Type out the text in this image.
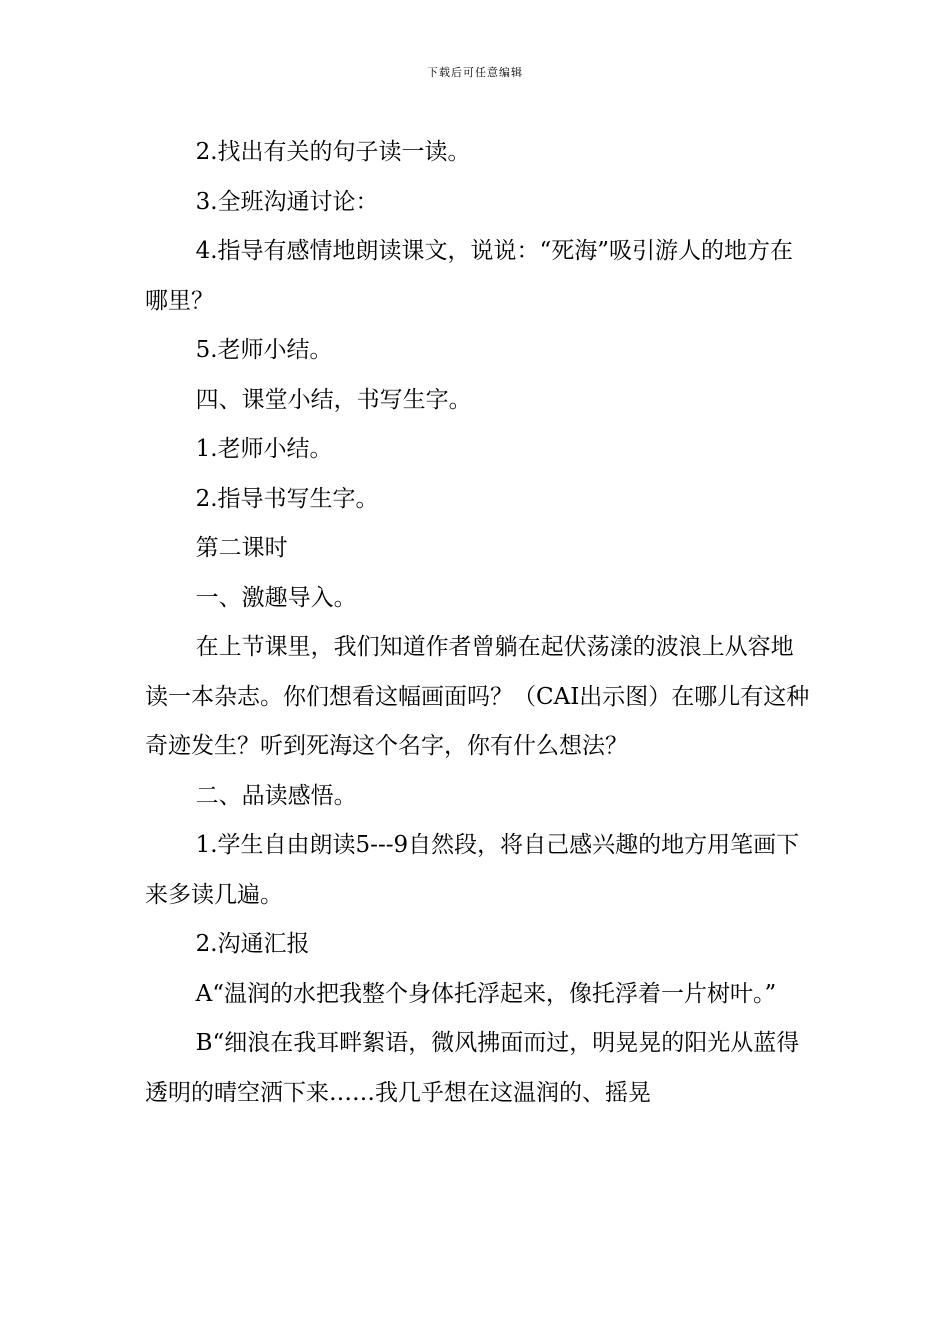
下载后可任意编辑

2.找出有关的句子读一读。

3.全班沟通讨论：

4.指导有感情地朗读课文，说说：“死海”吸引游人的地方在哪里？

5.老师小结。

四、课堂小结，书写生字。

1.老师小结。

2.指导书写生字。

第二课时

一、激趣导入。

在上节课里，我们知道作者曾躺在起伏荡漾的波浪上从容地读一本杂志。你们想看这幅画面吗？（CAI出示图）在哪儿有这种奇迹发生？听到死海这个名字，你有什么想法？

二、品读感悟。

1.学生自由朗读5---9自然段，将自己感兴趣的地方用笔画下来多读几遍。

2.沟通汇报

A“温润的水把我整个身体托浮起来，像托浮着一片树叶。”

B“细浪在我耳畔絮语，微风拂面而过，明晃晃的阳光从蓝得透明的晴空洒下来……我几乎想在这温润的、摇晃
